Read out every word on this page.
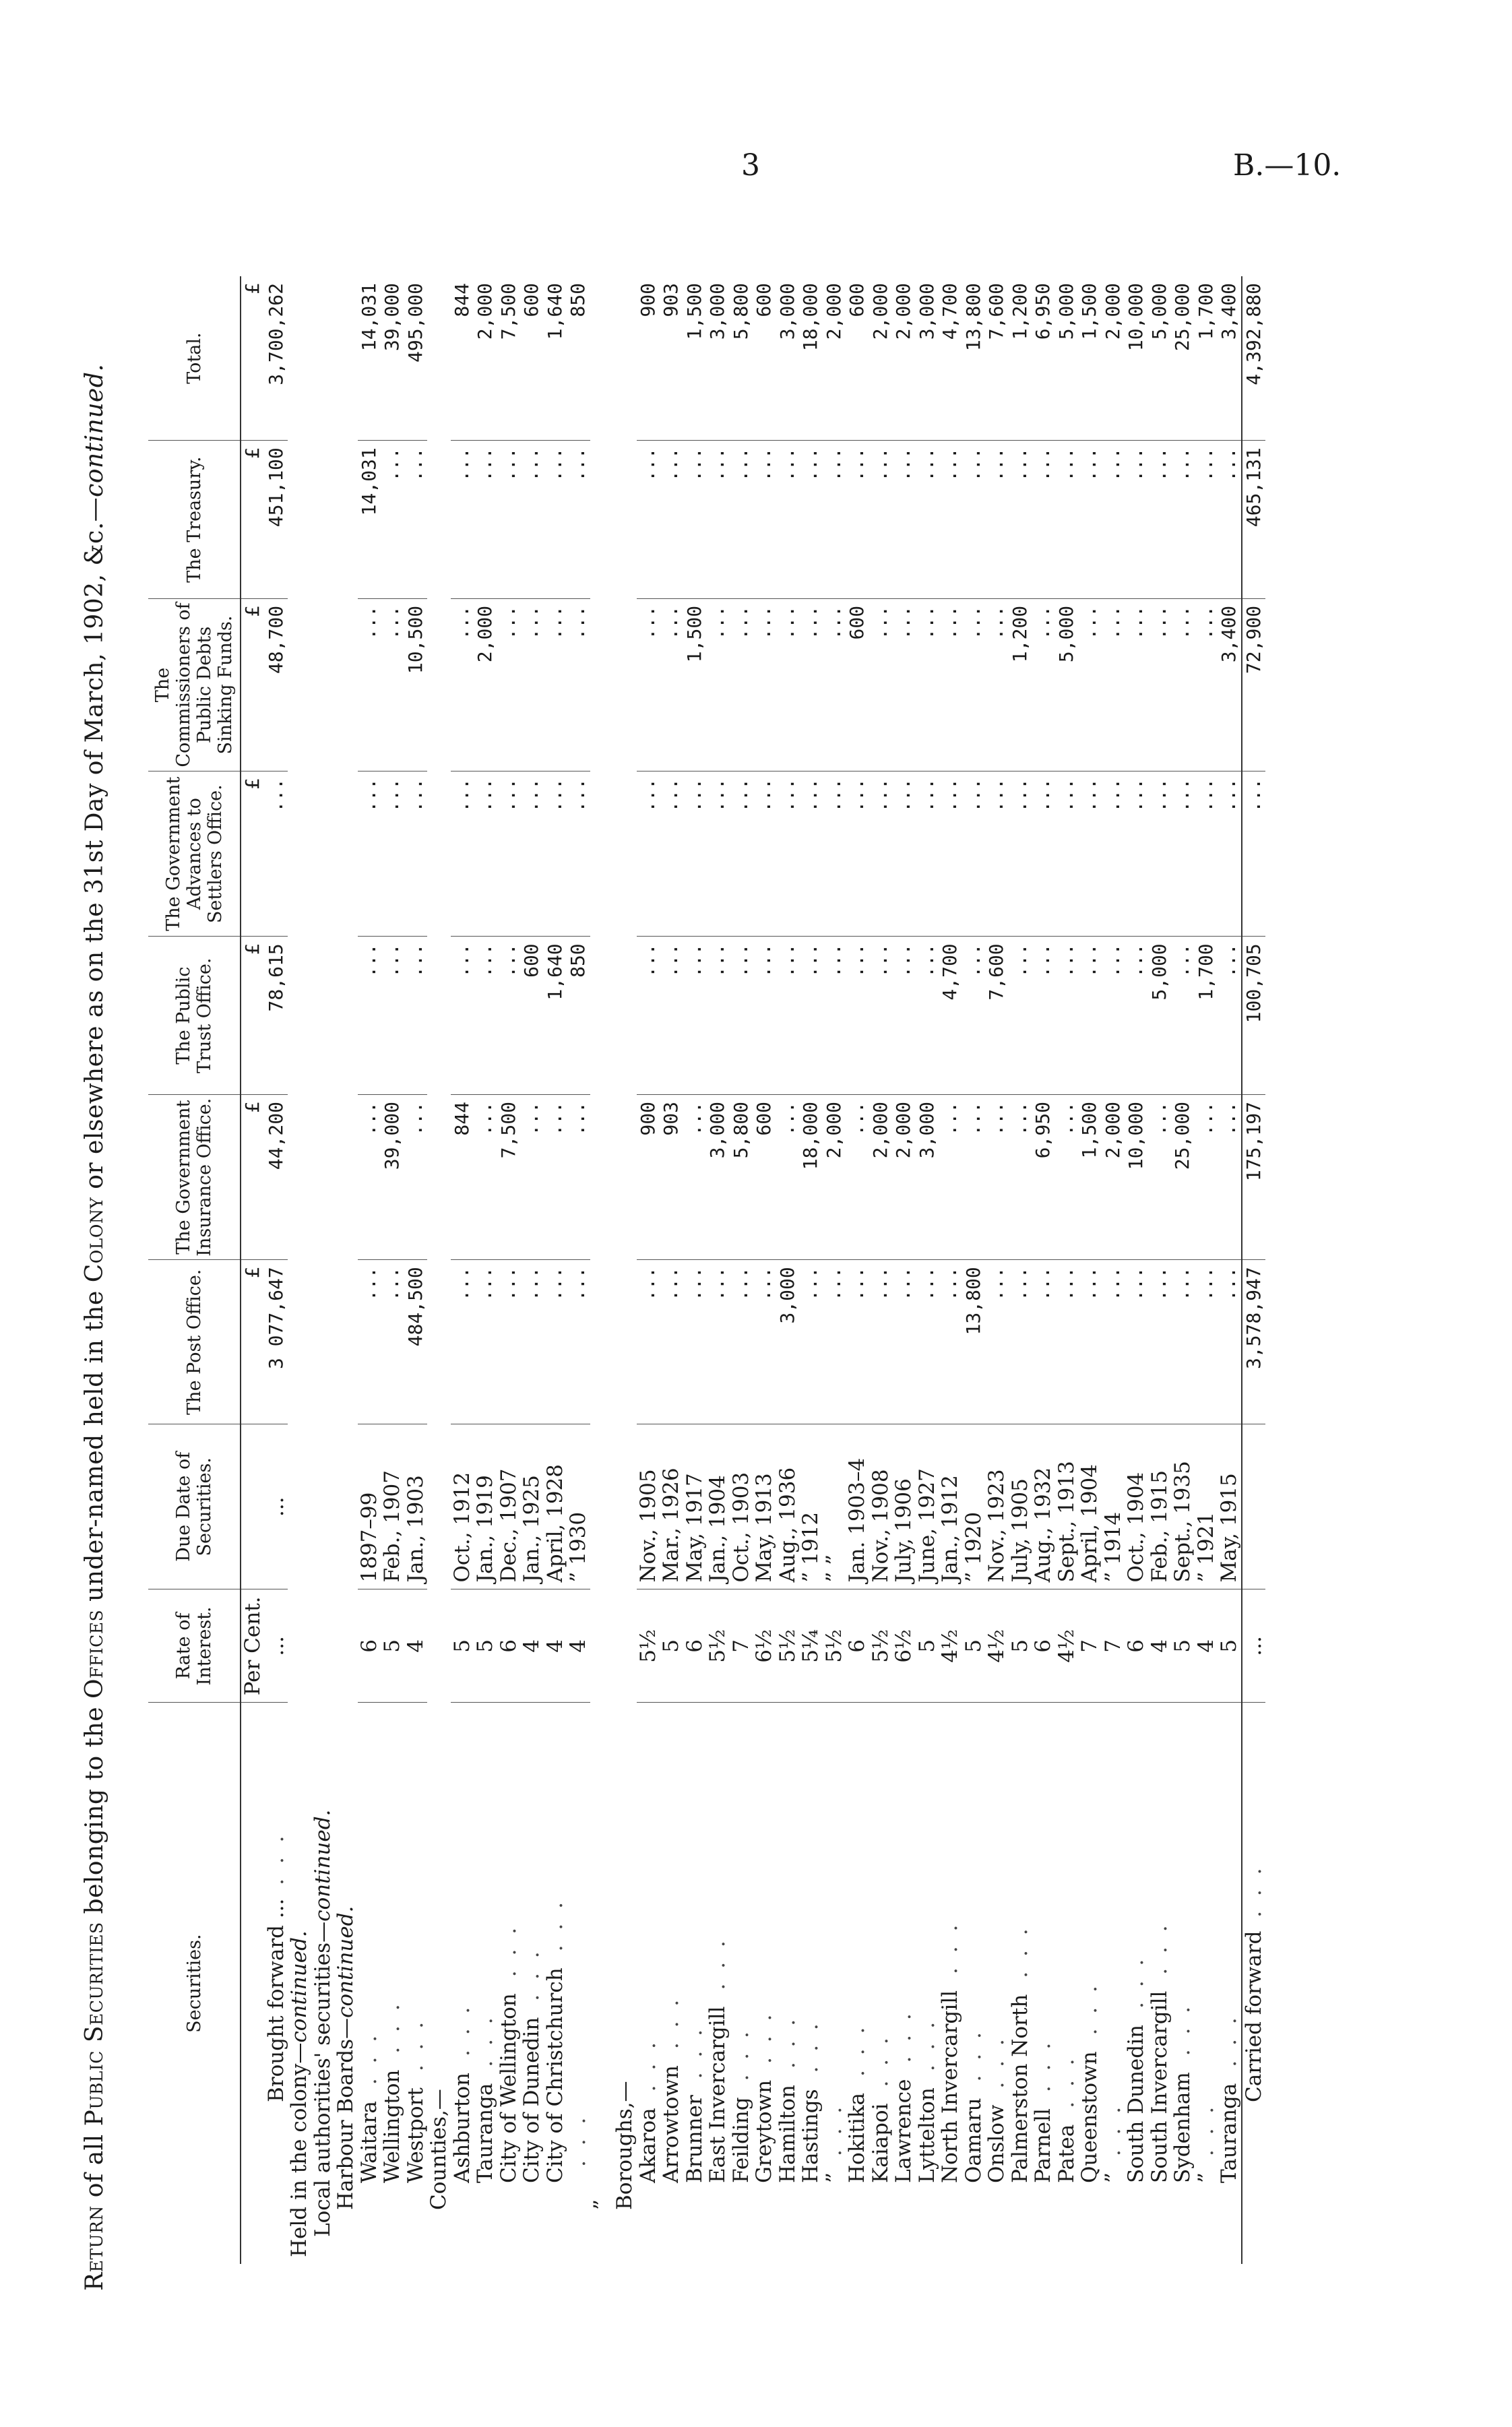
3	B.—10.
Return of all Public Securities belonging to the Offices under-named held in the Colony or elsewhere as on the 31st Day of March, 1902, &c.—continued.
Securities.	Rate of Interest.	Due Date of Securities.	The Post Office.	The Government Insurance Office.	The Public Trust Office.	The Government Advances to Settlers Office.	The Commissioners of Public Debts Sinking Funds.	The Treasury.	Total.
	Per Cent.		£	£	£	£	£	£	£
Brought forward ...  . . .	...	...	3 077,647	44,200	78,615	...	48,700	451,100	3,700,262
Held in the colony—continued.									
Local authorities' securities—continued.									
Harbour Boards—continued.									
Waitara. . .	6	1897–99	...	...	...	...	...	14,031	14,031
Wellington. . .	5	Feb., 1907	...	39,000	...	...	...	...	39,000
Westport. . .	4	Jan., 1903	484,500	...	...	...	10,500	...	495,000
Counties,—									
Ashburton. . .	5	Oct., 1912	...	844	...	...	...	...	844
Tauranga. . .	5	Jan., 1919	...	...	...	...	2,000	...	2,000
City of Wellington. . .	6	Dec., 1907	...	7,500	...	...	...	...	7,500
City of Dunedin. . .	4	Jan., 1925	...	...	600	...	...	...	600
City of Christchurch. . .	4	April, 1928	...	...	1,640	...	...	...	1,640
. . .	4	” 1930	...	...	850	...	...	...	850
”									
Boroughs,—									
Akaroa. . .	5½	Nov., 1905	...	900	...	...	...	...	900
Arrowtown. . .	5	Mar., 1926	...	903	...	...	...	...	903
Brunner. . .	6	May, 1917	...	...	...	...	1,500	...	1,500
East Invercargill. . .	5½	Jan., 1904	...	3,000	...	...	...	...	3,000
Feilding. . .	7	Oct., 1903	...	5,800	...	...	...	...	5,800
Greytown. . .	6½	May, 1913	...	600	...	...	...	...	600
Hamilton. . .	5½	Aug., 1936	3,000	...	...	...	...	...	3,000
Hastings. . .	5¼	” 1912	...	18,000	...	...	...	...	18,000
”. . .	5½	” ”	...	2,000	...	...	...	...	2,000
Hokitika. . .	6	Jan. 1903–4	...	...	...	...	600	...	600
Kaiapoi. . .	5½	Nov., 1908	...	2,000	...	...	...	...	2,000
Lawrence. . .	6½	July, 1906	...	2,000	...	...	...	...	2,000
Lyttelton. . .	5	June, 1927	...	3,000	...	...	...	...	3,000
North Invercargill. . .	4½	Jan., 1912	...	...	4,700	...	...	...	4,700
Oamaru. . .	5	” 1920	13,800	...	...	...	...	...	13,800
Onslow. . .	4½	Nov., 1923	...	...	7,600	...	...	...	7,600
Palmerston North. . .	5	July, 1905	...	...	...	...	1,200	...	1,200
Parnell. . .	6	Aug., 1932	...	6,950	...	...	...	...	6,950
Patea. . .	4½	Sept., 1913	...	...	...	...	5,000	...	5,000
Queenstown. . .	7	April, 1904	...	1,500	...	...	...	...	1,500
”. . .	7	” 1914	...	2,000	...	...	...	...	2,000
South Dunedin. . .	6	Oct., 1904	...	10,000	...	...	...	...	10,000
South Invercargill. . .	4	Feb., 1915	...	...	5,000	...	...	...	5,000
Sydenham. . .	5	Sept., 1935	...	25,000	...	...	...	...	25,000
”. . .	4	” 1921	...	...	1,700	...	...	...	1,700
Tauranga. . .	5	May, 1915	...	...	...	...	3,400	...	3,400
Carried forward  . . .	...		3,578,947	175,197	100,705	...	72,900	465,131	4,392,880
